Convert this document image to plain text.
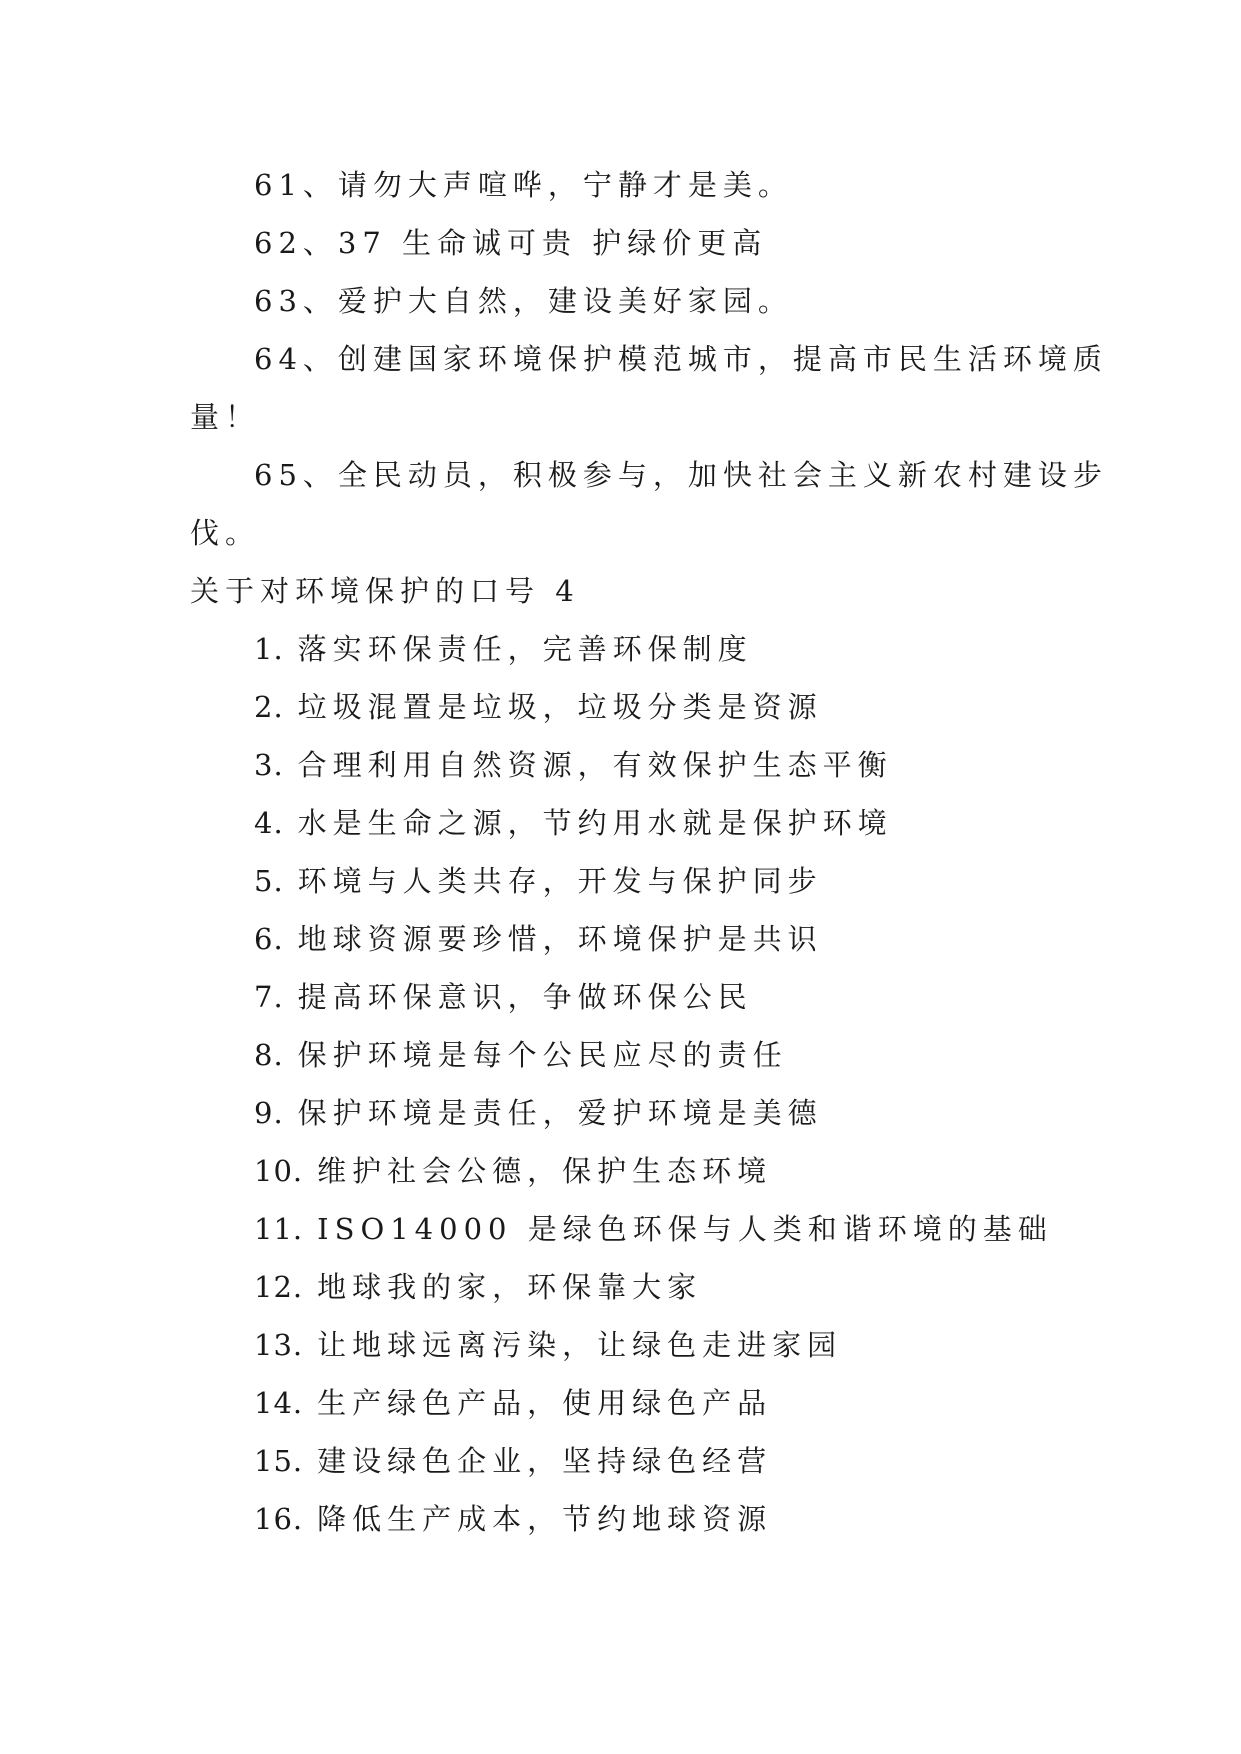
61、请勿大声喧哗，宁静才是美。
62、37 生命诚可贵 护绿价更高
63、爱护大自然，建设美好家园。
64、创建国家环境保护模范城市，提高市民生活环境质
量！
65、全民动员，积极参与，加快社会主义新农村建设步
伐。
关于对环境保护的口号 4
1. 落实环保责任，完善环保制度
2. 垃圾混置是垃圾，垃圾分类是资源
3. 合理利用自然资源，有效保护生态平衡
4. 水是生命之源，节约用水就是保护环境
5. 环境与人类共存，开发与保护同步
6. 地球资源要珍惜，环境保护是共识
7. 提高环保意识，争做环保公民
8. 保护环境是每个公民应尽的责任
9. 保护环境是责任，爱护环境是美德
10. 维护社会公德，保护生态环境
11. ISO14000 是绿色环保与人类和谐环境的基础
12. 地球我的家，环保靠大家
13. 让地球远离污染，让绿色走进家园
14. 生产绿色产品，使用绿色产品
15. 建设绿色企业，坚持绿色经营
16. 降低生产成本，节约地球资源
